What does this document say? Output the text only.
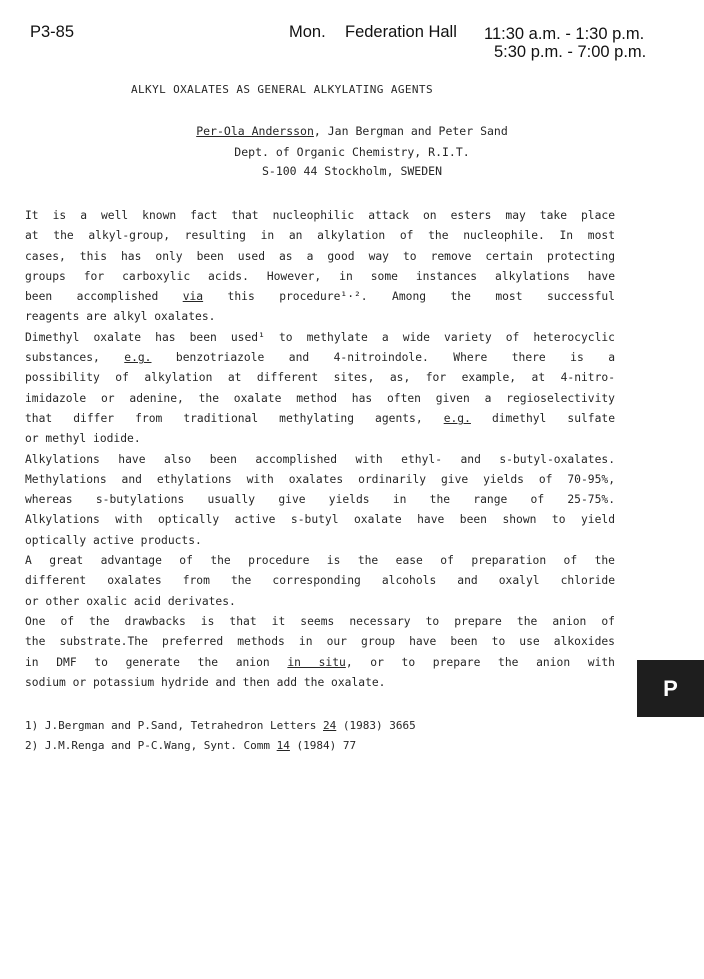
P3-85	Mon. Federation Hall 11:30 a.m. - 1:30 p.m.
5:30 p.m. - 7:00 p.m.
ALKYL OXALATES AS GENERAL ALKYLATING AGENTS
Per-Ola Andersson, Jan Bergman and Peter Sand
Dept. of Organic Chemistry, R.I.T.
S-100 44 Stockholm, SWEDEN
It is a well known fact that nucleophilic attack on esters may take place
at the alkyl-group, resulting in an alkylation of the nucleophile. In most
cases, this has only been used as a good way to remove certain protecting
groups for carboxylic acids. However, in some instances alkylations have
been accomplished via this procedure¹·². Among the most successful
reagents are alkyl oxalates.
Dimethyl oxalate has been used¹ to methylate a wide variety of heterocyclic
substances, e.g. benzotriazole and 4-nitroindole. Where there is a
possibility of alkylation at different sites, as, for example, at 4-nitro-
imidazole or adenine, the oxalate method has often given a regioselectivity
that differ from traditional methylating agents, e.g. dimethyl sulfate
or methyl iodide.
Alkylations have also been accomplished with ethyl- and s-butyl-oxalates.
Methylations and ethylations with oxalates ordinarily give yields of 70-95%,
whereas s-butylations usually give yields in the range of 25-75%.
Alkylations with optically active s-butyl oxalate have been shown to yield
optically active products.
A great advantage of the procedure is the ease of preparation of the
different oxalates from the corresponding alcohols and oxalyl chloride
or other oxalic acid derivates.
One of the drawbacks is that it seems necessary to prepare the anion of
the substrate.The preferred methods in our group have been to use alkoxides
in DMF to generate the anion in situ, or to prepare the anion with
sodium or potassium hydride and then add the oxalate.
1) J.Bergman and P.Sand, Tetrahedron Letters 24 (1983) 3665
2) J.M.Renga and P-C.Wang, Synt. Comm 14 (1984) 77
P
